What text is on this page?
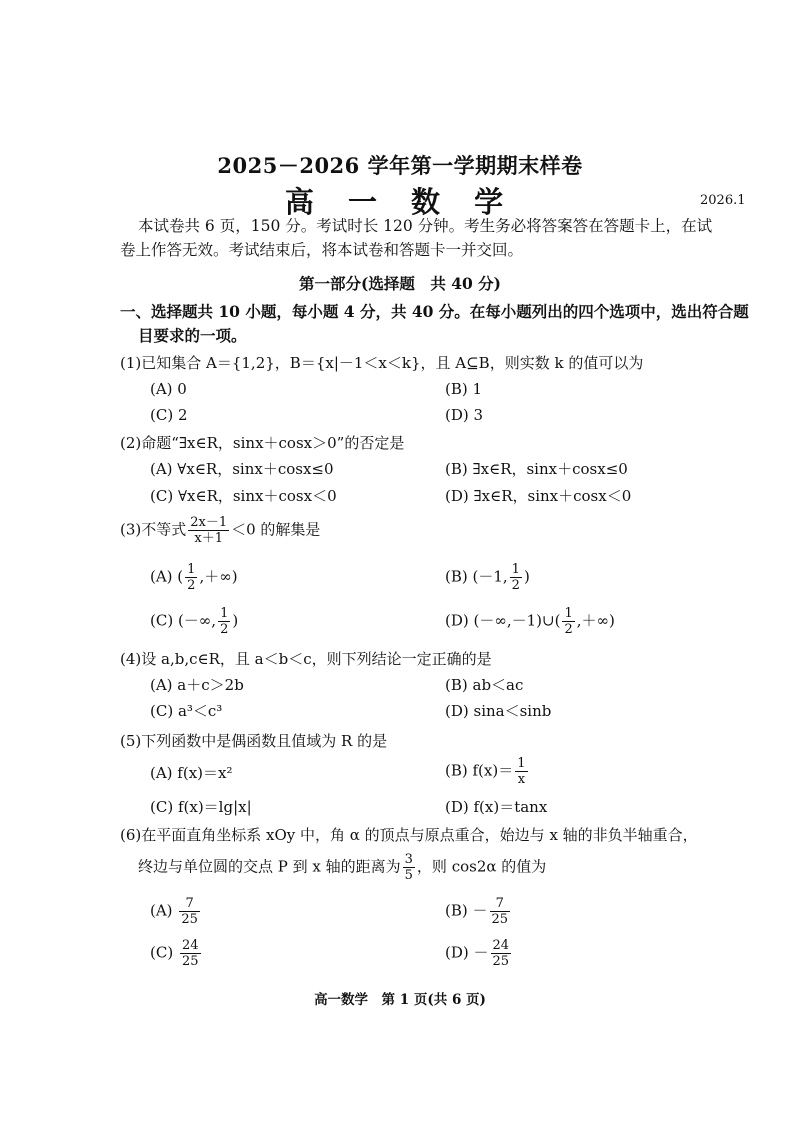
2025－2026 学年第一学期期末样卷
高 一 数 学	2026.1
本试卷共 6 页，150 分。考试时长 120 分钟。考生务必将答案答在答题卡上，在试
卷上作答无效。考试结束后，将本试卷和答题卡一并交回。
第一部分(选择题　共 40 分)
一、选择题共 10 小题，每小题 4 分，共 40 分。在每小题列出的四个选项中，选出符合题
目要求的一项。
(1)已知集合 A＝{1,2}，B＝{x|－1＜x＜k}，且 A⊆B，则实数 k 的值可以为
(A) 0	(B) 1
(C) 2	(D) 3
(2)命题“∃x∈R，sinx＋cosx＞0”的否定是
(A) ∀x∈R，sinx＋cosx≤0	(B) ∃x∈R，sinx＋cosx≤0
(C) ∀x∈R，sinx＋cosx＜0	(D) ∃x∈R，sinx＋cosx＜0
(3)不等式 $\frac{2x-1}{x+1} <0$ 的解集是
(A) ( $\frac{1}{2}$ ,＋∞)	(B) (－1, $\frac{1}{2}$ )
(C) (－∞, $\frac{1}{2}$ )	(D) (－∞,－1)∪( $\frac{1}{2}$ ,＋∞)
(4)设 a,b,c∈R，且 a＜b＜c，则下列结论一定正确的是
(A) a＋c＞2b	(B) ab＜ac
(C) a³＜c³	(D) sina＜sinb
(5)下列函数中是偶函数且值域为 R 的是
(A) f(x)＝x²	(B) $f(x)= \frac{1}{x}$
(C) f(x)＝lg|x|	(D) f(x)＝tanx
(6)在平面直角坐标系 xOy 中，角 α 的顶点与原点重合，始边与 x 轴的非负半轴重合，
终边与单位圆的交点 P 到 x 轴的距离为 $\frac{3}{5}$ ，则 cos2α 的值为
$(A) \frac{7}{25}$	$(B) - \frac{7}{25}$
$(C) \frac{24}{25}$	$(D) - \frac{24}{25}$
高一数学　第 1 页(共 6 页)
